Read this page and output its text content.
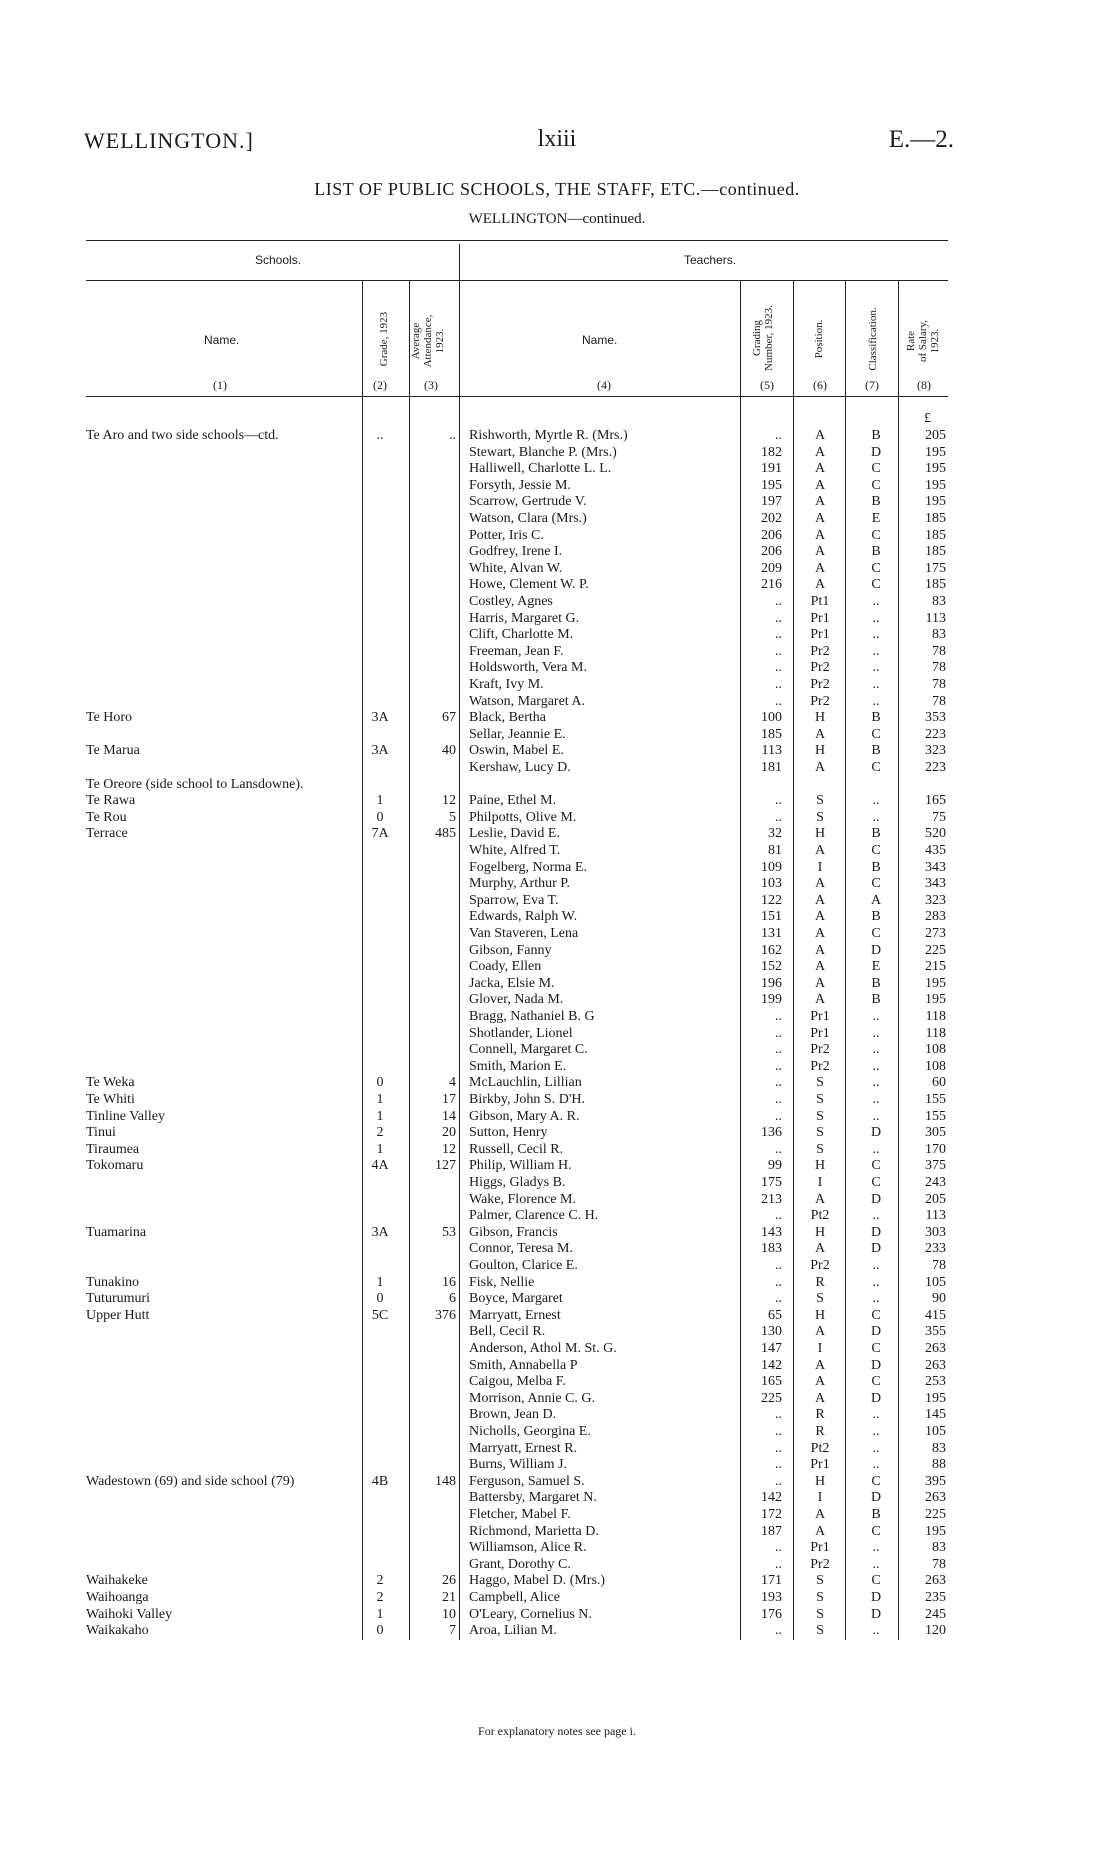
WELLINGTON.]	lxiii	E.—2.
LIST OF PUBLIC SCHOOLS, THE STAFF, ETC.—continued.
WELLINGTON—continued.
Schools.	Teachers.
Name.	Name.
Grade, 1923 Average
Attendance,
1923.	Grading
Number, 1923.
Position.	Classification. Rate
of Salary,
1923.
(1)	(2)	(3)	(4)	(5)	(6)	(7)	(8)
£
Te Aro and two side schools—ctd.	..	.. Rishworth, Myrtle R. (Mrs.)	..	A	B	205
Stewart, Blanche P. (Mrs.)	182	A	D	195
Halliwell, Charlotte L. L.	191	A	C	195
Forsyth, Jessie M.	195	A	C	195
Scarrow, Gertrude V.	197	A	B	195
Watson, Clara (Mrs.)	202	A	E	185
Potter, Iris C.	206	A	C	185
Godfrey, Irene I.	206	A	B	185
White, Alvan W.	209	A	C	175
Howe, Clement W. P.	216	A	C	185
Costley, Agnes	..	Pt1	..	83
Harris, Margaret G.	..	Pr1	..	113
Clift, Charlotte M.	..	Pr1	..	83
Freeman, Jean F.	..	Pr2	..	78
Holdsworth, Vera M.	..	Pr2	..	78
Kraft, Ivy M.	..	Pr2	..	78
Watson, Margaret A.	..	Pr2	..	78
Te Horo	3A	67 Black, Bertha	100	H	B	353
Sellar, Jeannie E.	185	A	C	223
Te Marua	3A	40 Oswin, Mabel E.	113	H	B	323
Kershaw, Lucy D.	181	A	C	223
Te Oreore (side school to Lansdowne).
Te Rawa	1	12 Paine, Ethel M.	..	S	..	165
Te Rou	0	5 Philpotts, Olive M.	..	S	..	75
Terrace	7A	485 Leslie, David E.	32	H	B	520
White, Alfred T.	81	A	C	435
Fogelberg, Norma E.	109	I	B	343
Murphy, Arthur P.	103	A	C	343
Sparrow, Eva T.	122	A	A	323
Edwards, Ralph W.	151	A	B	283
Van Staveren, Lena	131	A	C	273
Gibson, Fanny	162	A	D	225
Coady, Ellen	152	A	E	215
Jacka, Elsie M.	196	A	B	195
Glover, Nada M.	199	A	B	195
Bragg, Nathaniel B. G	..	Pr1	..	118
Shotlander, Lionel	..	Pr1	..	118
Connell, Margaret C.	..	Pr2	..	108
Smith, Marion E.	..	Pr2	..	108
Te Weka	0	4 McLauchlin, Lillian	..	S	..	60
Te Whiti	1	17 Birkby, John S. D'H.	..	S	..	155
Tinline Valley	1	14 Gibson, Mary A. R.	..	S	..	155
Tinui	2	20 Sutton, Henry	136	S	D	305
Tiraumea	1	12 Russell, Cecil R.	..	S	..	170
Tokomaru	4A	127 Philip, William H.	99	H	C	375
Higgs, Gladys B.	175	I	C	243
Wake, Florence M.	213	A	D	205
Palmer, Clarence C. H.	..	Pt2	..	113
Tuamarina	3A	53 Gibson, Francis	143	H	D	303
Connor, Teresa M.	183	A	D	233
Goulton, Clarice E.	..	Pr2	..	78
Tunakino	1	16 Fisk, Nellie	..	R	..	105
Tuturumuri	0	6 Boyce, Margaret	..	S	..	90
Upper Hutt	5C	376 Marryatt, Ernest	65	H	C	415
Bell, Cecil R.	130	A	D	355
Anderson, Athol M. St. G.	147	I	C	263
Smith, Annabella P	142	A	D	263
Caigou, Melba F.	165	A	C	253
Morrison, Annie C. G.	225	A	D	195
Brown, Jean D.	..	R	..	145
Nicholls, Georgina E.	..	R	..	105
Marryatt, Ernest R.	..	Pt2	..	83
Burns, William J.	..	Pr1	..	88
Wadestown (69) and side school (79)	4B	148 Ferguson, Samuel S.	..	H	C	395
Battersby, Margaret N.	142	I	D	263
Fletcher, Mabel F.	172	A	B	225
Richmond, Marietta D.	187	A	C	195
Williamson, Alice R.	..	Pr1	..	83
Grant, Dorothy C.	..	Pr2	..	78
Waihakeke	2	26 Haggo, Mabel D. (Mrs.)	171	S	C	263
Waihoanga	2	21 Campbell, Alice	193	S	D	235
Waihoki Valley	1	10 O'Leary, Cornelius N.	176	S	D	245
Waikakaho	0	7 Aroa, Lilian M.	..	S	..	120
For explanatory notes see page i.
